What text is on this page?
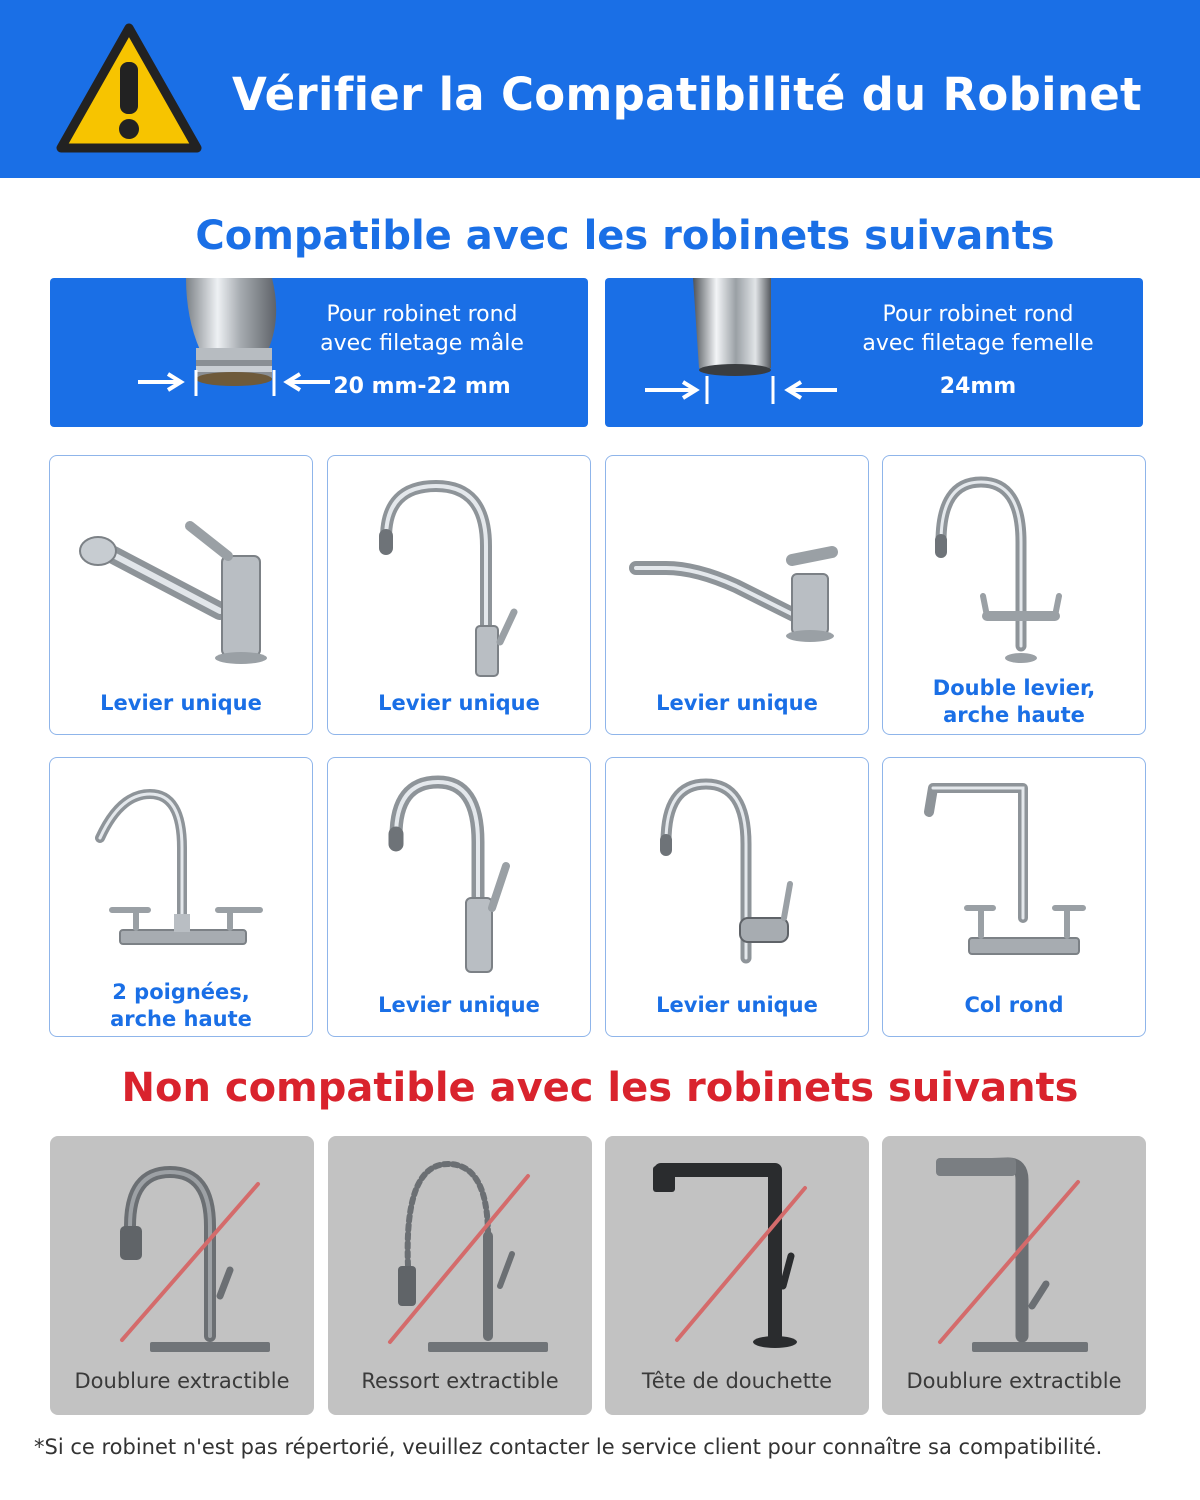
Vérifier la Compatibilité du Robinet
Compatible avec les robinets suivants
Pour robinet rond
avec filetage mâle
20 mm-22 mm
Pour robinet rond
avec filetage femelle
24mm
Levier unique	Levier unique	Levier unique
Double levier,
arche haute
2 poignées,
arche haute
Levier unique	Levier unique	Col rond
Non compatible avec les robinets suivants
Doublure extractible	Ressort extractible	Tête de douchette	Doublure extractible
*Si ce robinet n'est pas répertorié, veuillez contacter le service client pour connaître sa compatibilité.
